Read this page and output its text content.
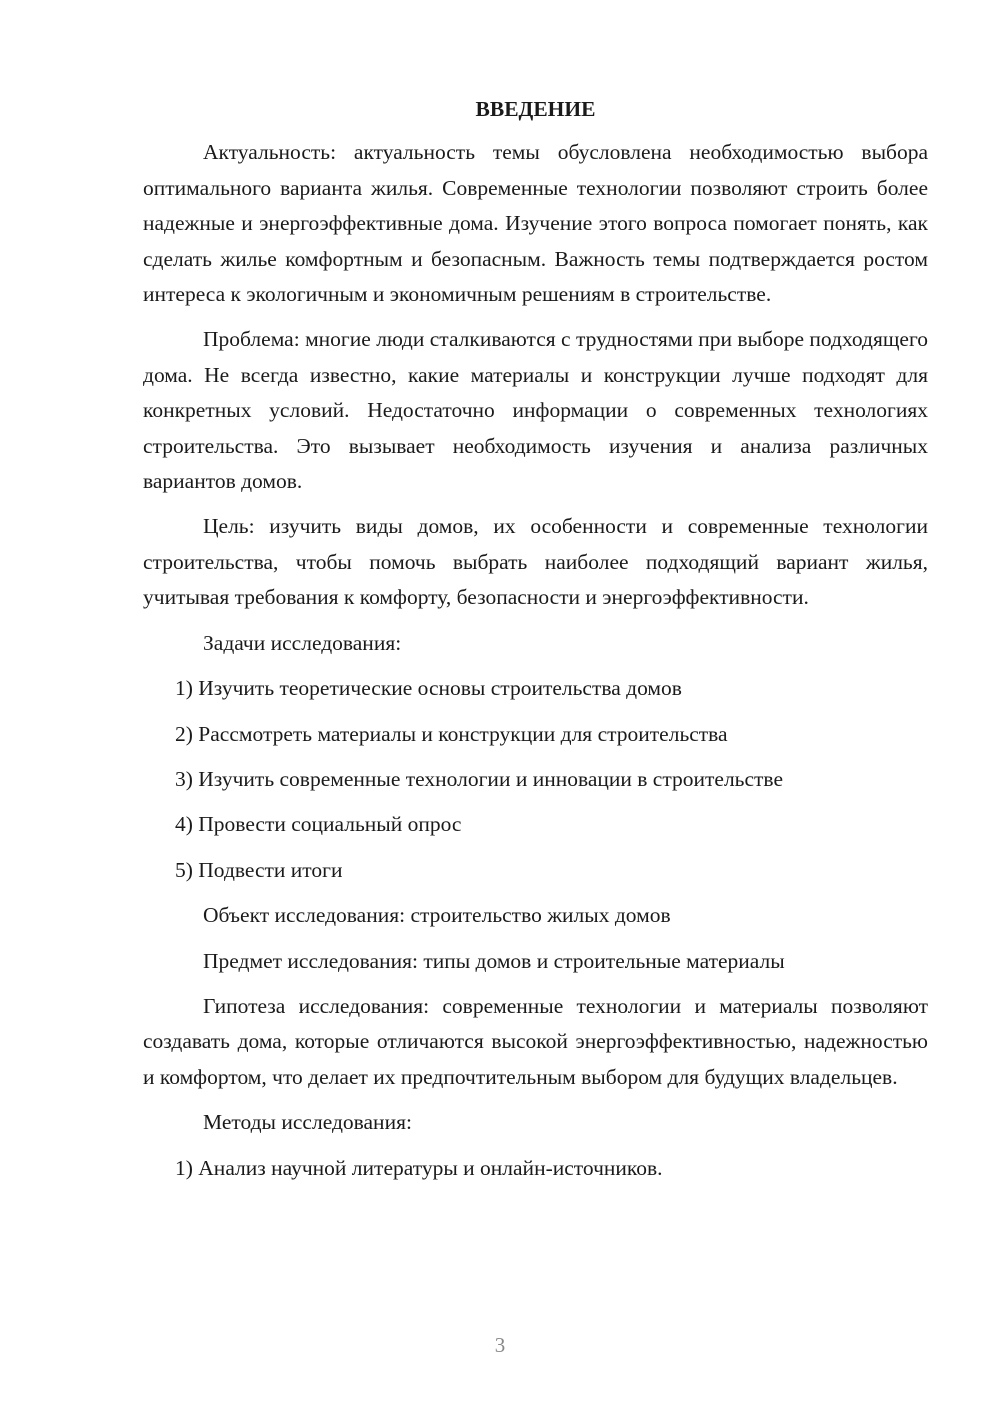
ВВЕДЕНИЕ

Актуальность: актуальность темы обусловлена необходимостью выбора оптимального варианта жилья. Современные технологии позволяют строить более надежные и энергоэффективные дома. Изучение этого вопроса помогает понять, как сделать жилье комфортным и безопасным. Важность темы подтверждается ростом интереса к экологичным и экономичным решениям в строительстве.

Проблема: многие люди сталкиваются с трудностями при выборе подходящего дома. Не всегда известно, какие материалы и конструкции лучше подходят для конкретных условий. Недостаточно информации о современных технологиях строительства. Это вызывает необходимость изучения и анализа различных вариантов домов.

Цель: изучить виды домов, их особенности и современные технологии строительства, чтобы помочь выбрать наиболее подходящий вариант жилья, учитывая требования к комфорту, безопасности и энергоэффективности.

Задачи исследования:

1) Изучить теоретические основы строительства домов

2) Рассмотреть материалы и конструкции для строительства

3) Изучить современные технологии и инновации в строительстве

4) Провести социальный опрос

5) Подвести итоги

Объект исследования: строительство жилых домов

Предмет исследования: типы домов и строительные материалы

Гипотеза исследования: современные технологии и материалы позволяют создавать дома, которые отличаются высокой энергоэффективностью, надежностью и комфортом, что делает их предпочтительным выбором для будущих владельцев.

Методы исследования:

1) Анализ научной литературы и онлайн-источников.

3
